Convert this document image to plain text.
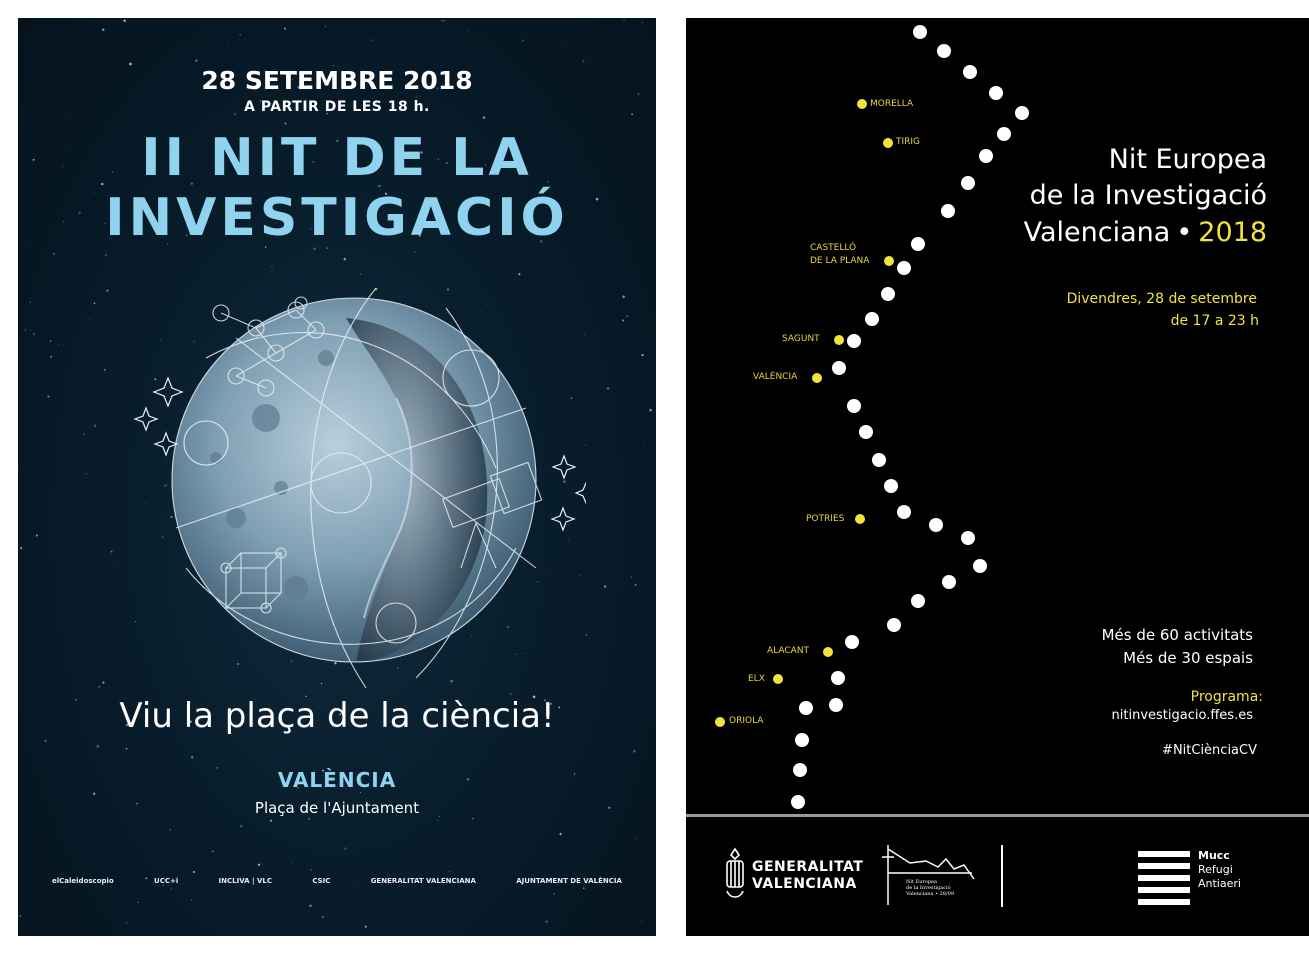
28 SETEMBRE 2018
A PARTIR DE LES 18 h.
II NIT DE LA
INVESTIGACIÓ
Viu la plaça de la ciència!
VALÈNCIA
Plaça de l'Ajuntament
elCaleidoscopio	UCC+i	INCLIVA | VLC	CSIC	GENERALITAT VALENCIANA	AJUNTAMENT DE VALÈNCIA
MORELLA
TIRIG
CASTELLÓ
DE LA PLANA
SAGUNT
VALÈNCIA
POTRIES
ALACANT
ELX
ORIOLA
Nit Europea
de la Investigació
Valenciana • 2018
Divendres, 28 de setembre
de 17 a 23 h
Més de 60 activitats
Més de 30 espais
Programa:
nitinvestigacio.ffes.es
#NitCiènciaCV
GENERALITAT
VALENCIANA	Nit Europea
de la Investigació
Valenciana • 28/09
Mucc
Refugi
Antiaeri
